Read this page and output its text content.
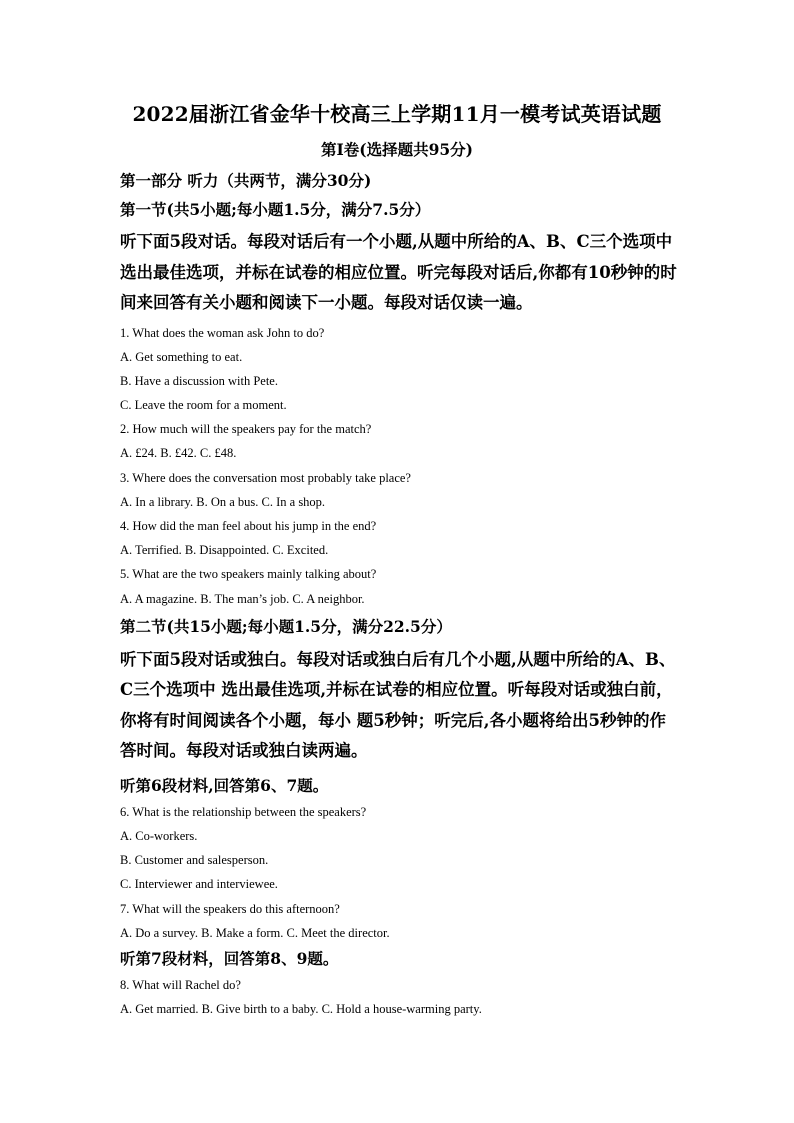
2022届浙江省金华十校高三上学期11月一模考试英语试题
第I卷(选择题共95分)

第一部分 听力（共两节，满分30分)

第一节(共5小题;每小题1.5分，满分7.5分）

听下面5段对话。每段对话后有一个小题,从题中所给的A、B、C三个选项中选出最佳选项，并标在试卷的相应位置。听完每段对话后,你都有10秒钟的时间来回答有关小题和阅读下一小题。每段对话仅读一遍。

1. What does the woman ask John to do?

A. Get something to eat.

B. Have a discussion with Pete.

C. Leave the room for a moment.

2. How much will the speakers pay for the match?

A. £24. B. £42. C. £48.

3. Where does the conversation most probably take place?

A. In a library. B. On a bus. C. In a shop.

4. How did the man feel about his jump in the end?

A. Terrified. B. Disappointed. C. Excited.

5. What are the two speakers mainly talking about?

A. A magazine. B. The man’s job. C. A neighbor.

第二节(共15小题;每小题1.5分，满分22.5分）

听下面5段对话或独白。每段对话或独白后有几个小题,从题中所给的A、B、C三个选项中 选出最佳选项,并标在试卷的相应位置。听每段对话或独白前，你将有时间阅读各个小题，每小 题5秒钟；听完后,各小题将给出5秒钟的作答时间。每段对话或独白读两遍。

听第6段材料,回答第6、7题。

6. What is the relationship between the speakers?

A. Co-workers.

B. Customer and salesperson.

C. Interviewer and interviewee.

7. What will the speakers do this afternoon?

A. Do a survey. B. Make a form. C. Meet the director.

听第7段材料，回答第8、9题。

8. What will Rachel do?

A. Get married. B. Give birth to a baby. C. Hold a house-warming party.
